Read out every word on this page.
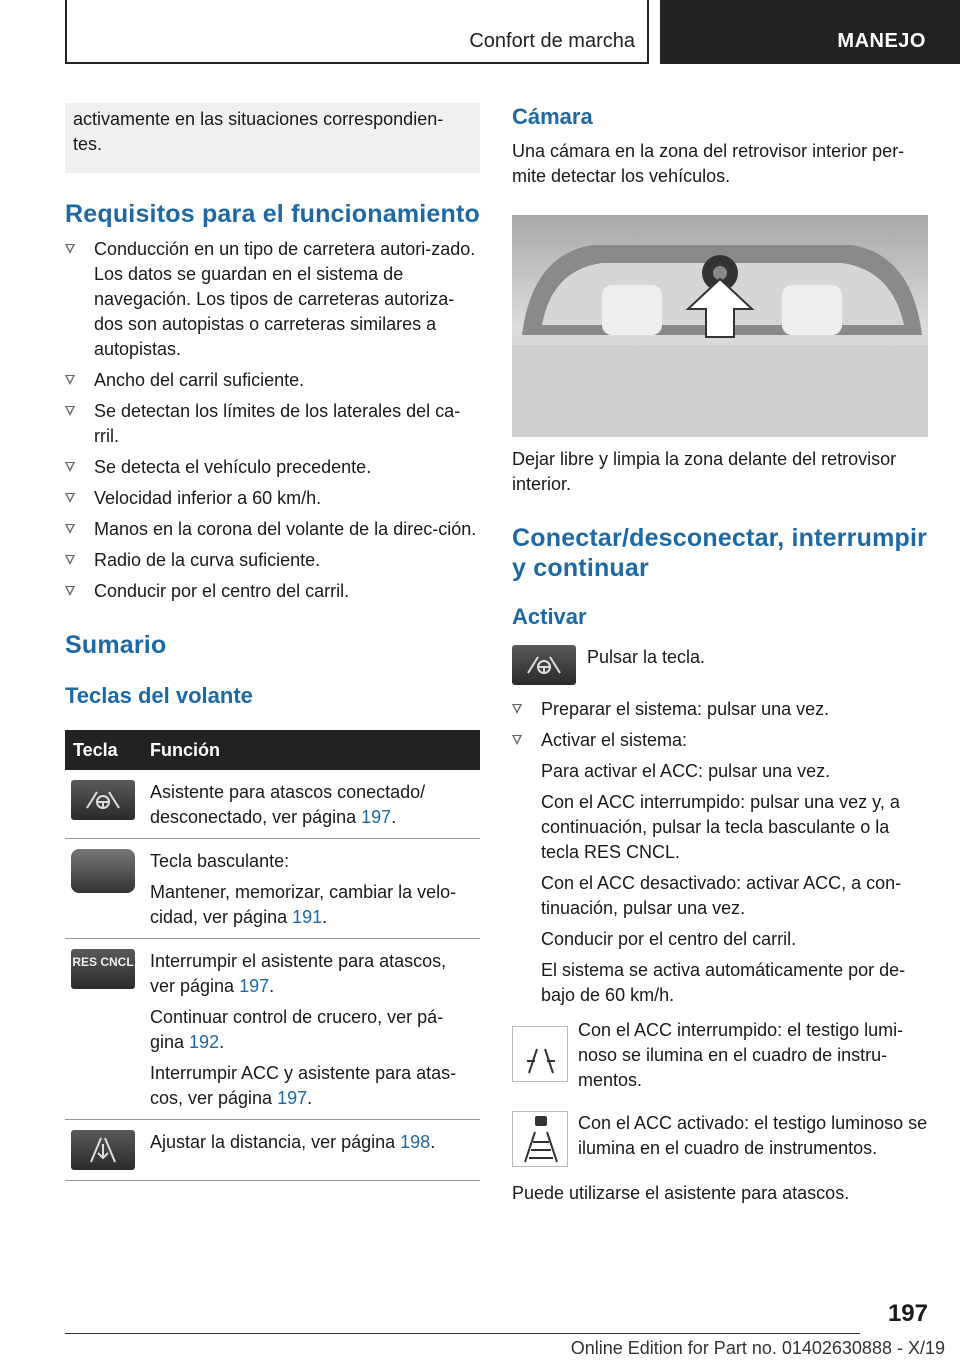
Confort de marcha	MANEJO

activamente en las situaciones correspondien-tes.

Requisitos para el funcionamiento
Conducción en un tipo de carretera autori-zado. Los datos se guardan en el sistema de navegación. Los tipos de carreteras autoriza-dos son autopistas o carreteras similares a autopistas.
Ancho del carril suficiente.
Se detectan los límites de los laterales del ca-rril.
Se detecta el vehículo precedente.
Velocidad inferior a 60 km/h.
Manos en la corona del volante de la direc-ción.
Radio de la curva suficiente.
Conducir por el centro del carril.
Sumario
Teclas del volante
Tecla	Función

	Asistente para atascos conectado/ desconectado, ver página 197.

	Tecla basculante:
Mantener, memorizar, cambiar la velo-cidad, ver página 191.

RES CNCL	Interrumpir el asistente para atascos, ver página 197.
Continuar control de crucero, ver pá-gina 192.
Interrumpir ACC y asistente para atas-cos, ver página 197.

	Ajustar la distancia, ver página 198.
Cámara

Una cámara en la zona del retrovisor interior per-mite detectar los vehículos.

Dejar libre y limpia la zona delante del retrovisor interior.

Conectar/desconectar, interrumpir y continuar
Activar

Pulsar la tecla.

Preparar el sistema: pulsar una vez.
Activar el sistema:
Para activar el ACC: pulsar una vez.
Con el ACC interrumpido: pulsar una vez y, a continuación, pulsar la tecla basculante o la tecla RES CNCL.
Con el ACC desactivado: activar ACC, a con-tinuación, pulsar una vez.
Conducir por el centro del carril.
El sistema se activa automáticamente por de-bajo de 60 km/h.

Con el ACC interrumpido: el testigo lumi-noso se ilumina en el cuadro de instru-mentos.

Con el ACC activado: el testigo luminoso se ilumina en el cuadro de instrumentos.

Puede utilizarse el asistente para atascos.

197
Online Edition for Part no. 01402630888 - X/19
